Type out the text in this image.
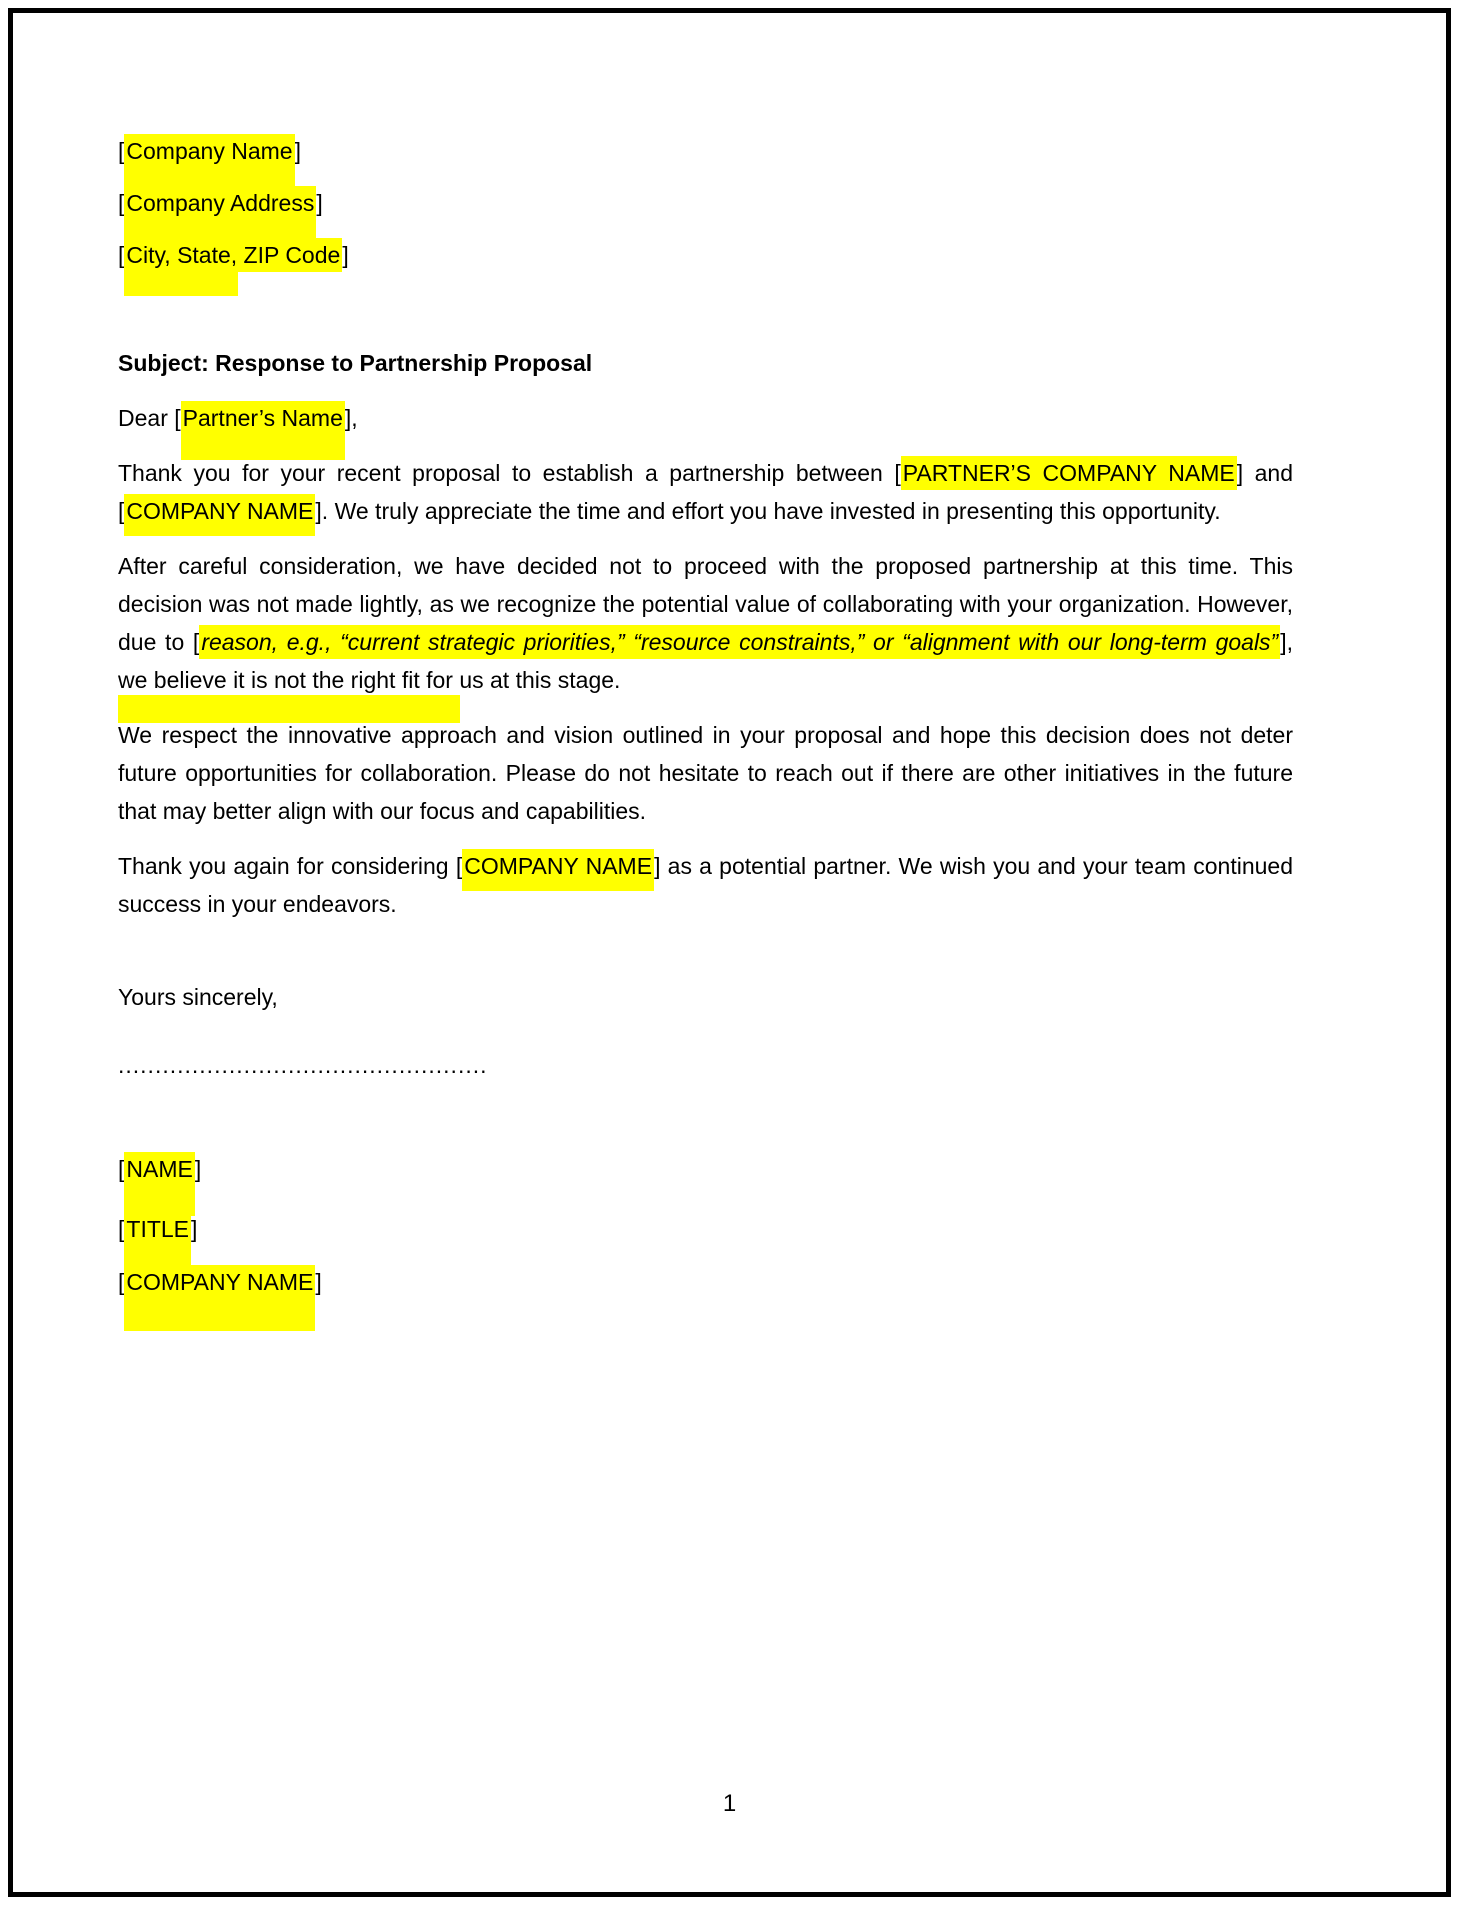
[Company Name]

[Company Address]

[City, State, ZIP Code]

Subject: Response to Partnership Proposal

Dear [Partner’s Name],

Thank you for your recent proposal to establish a partnership between [PARTNER’S COMPANY NAME] and [COMPANY NAME]. We truly appreciate the time and effort you have invested in presenting this opportunity.

After careful consideration, we have decided not to proceed with the proposed partnership at this time. This decision was not made lightly, as we recognize the potential value of collaborating with your organization. However, due to [reason, e.g., “current strategic priorities,” “resource constraints,” or “alignment with our long-term goals”], we believe it is not the right fit for us at this stage.

We respect the innovative approach and vision outlined in your proposal and hope this decision does not deter future opportunities for collaboration. Please do not hesitate to reach out if there are other initiatives in the future that may better align with our focus and capabilities.

Thank you again for considering [COMPANY NAME] as a potential partner. We wish you and your team continued success in your endeavors.

Yours sincerely,

..................................................

[NAME]

[TITLE]

[COMPANY NAME]

1
